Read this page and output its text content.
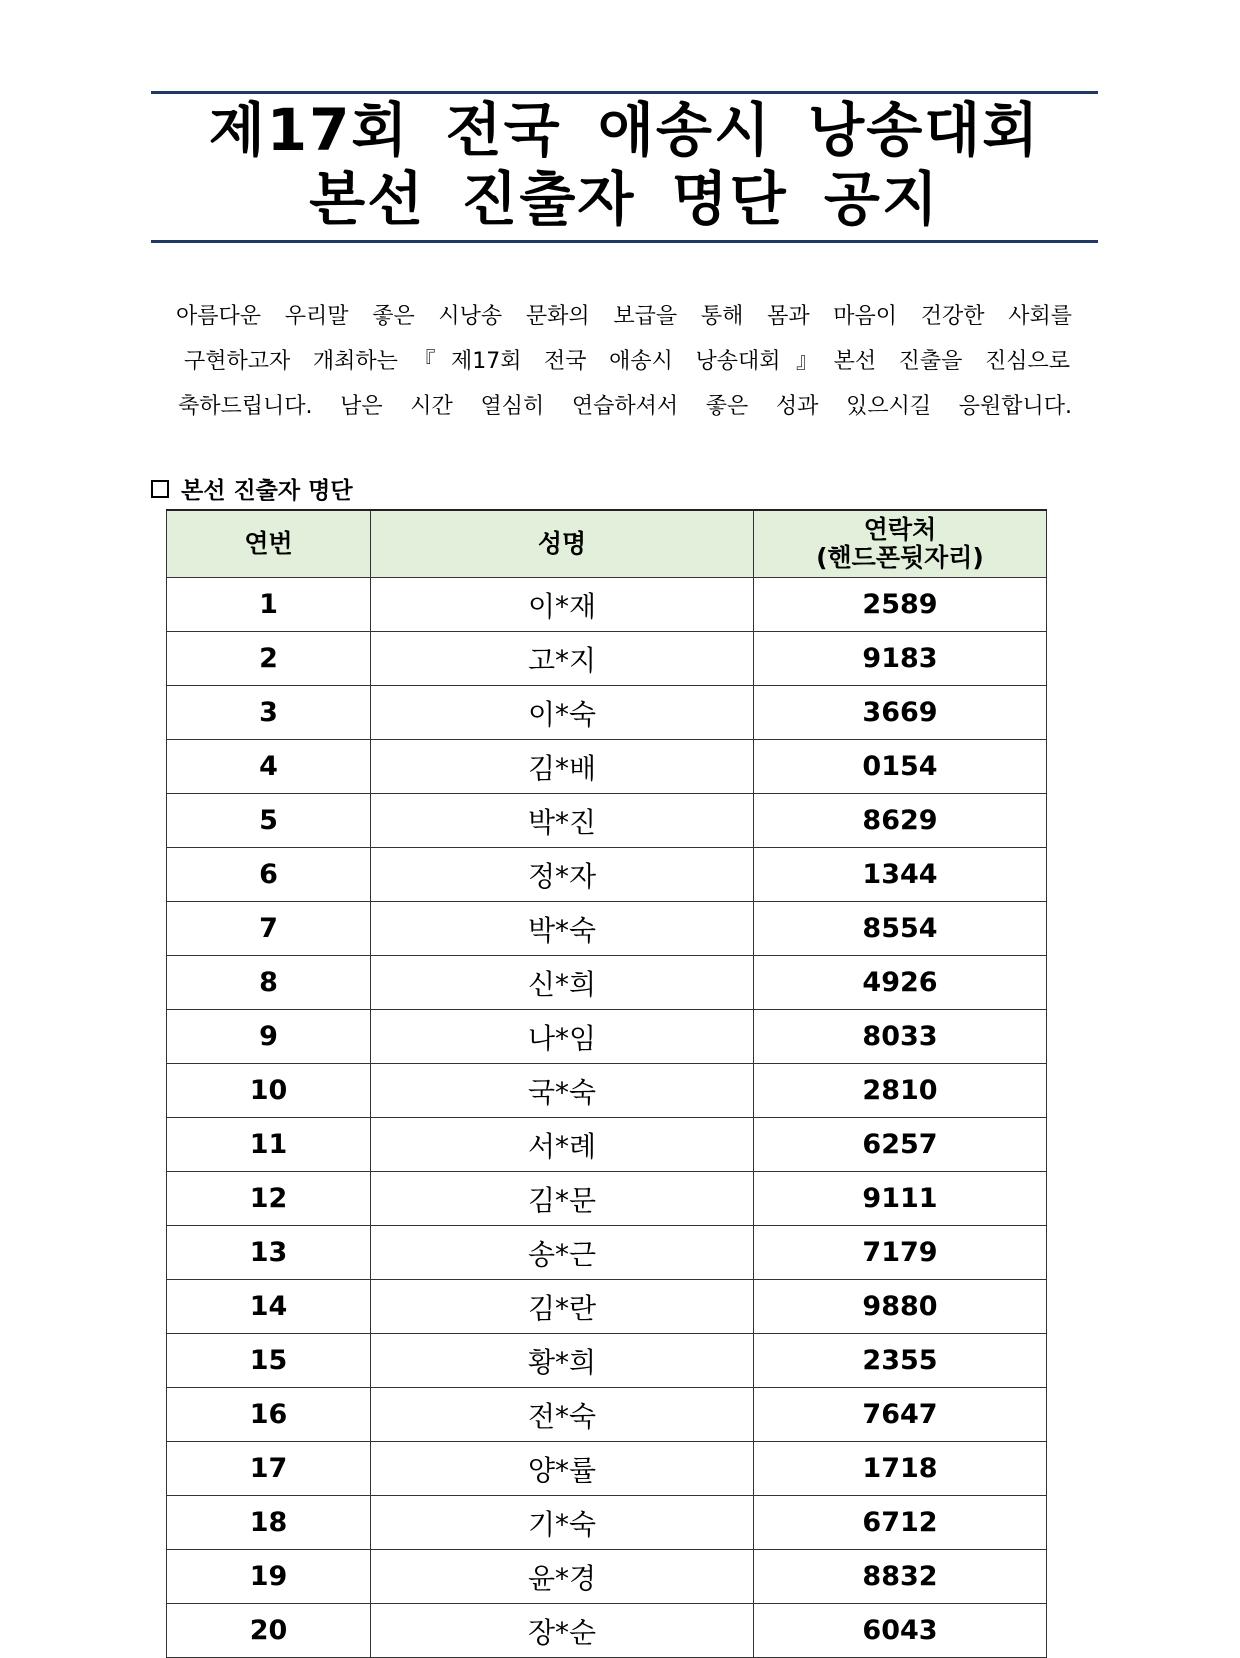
제17회 전국 애송시 낭송대회
본선 진출자 명단 공지

아름다운 우리말 좋은 시낭송 문화의 보급을 통해 몸과 마음이 건강한 사회를

구현하고자 개최하는『제17회 전국 애송시 낭송대회』본선 진출을 진심으로

축하드립니다. 남은 시간 열심히 연습하셔서 좋은 성과 있으시길 응원합니다.

본선 진출자 명단
연번	성명	연락처
(핸드폰뒷자리)

1	이*재	2589
2	고*지	9183
3	이*숙	3669
4	김*배	0154
5	박*진	8629
6	정*자	1344
7	박*숙	8554
8	신*희	4926
9	나*임	8033
10	국*숙	2810
11	서*례	6257
12	김*문	9111
13	송*근	7179
14	김*란	9880
15	황*희	2355
16	전*숙	7647
17	양*률	1718
18	기*숙	6712
19	윤*경	8832
20	장*순	6043
